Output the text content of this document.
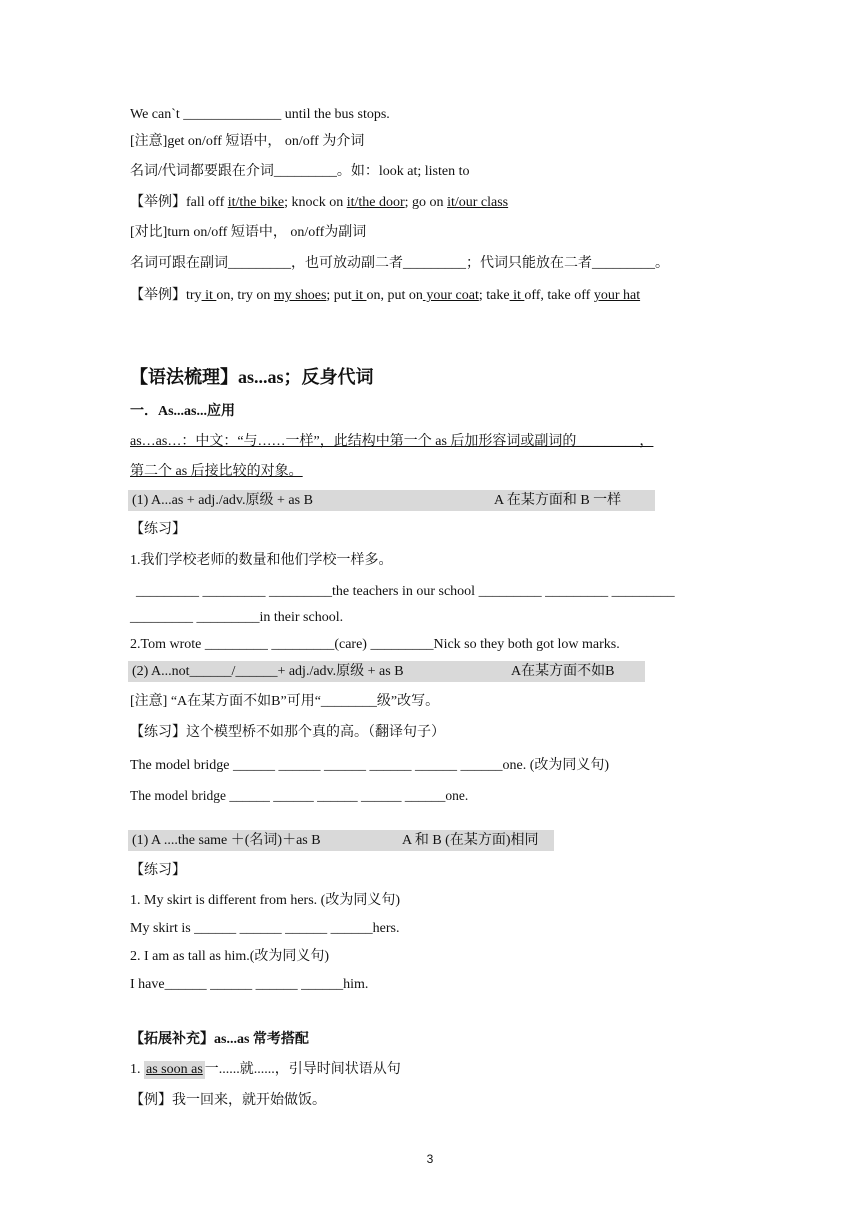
We can`t ______________ until the bus stops.
[注意]get on/off 短语中， on/off 为介词
名词/代词都要跟在介词_________。如：look at; listen to
【举例】fall off it/the bike; knock on it/the door; go on it/our class
[对比]turn on/off 短语中， on/off为副词
名词可跟在副词_________，也可放动副二者_________；代词只能放在二者_________。
【举例】try it on, try on my shoes; put it on, put on your coat; take it off, take off your hat
【语法梳理】as...as；反身代词
一．As...as...应用
as…as…：中文：“与……一样”，此结构中第一个 as 后加形容词或副词的_________，
第二个 as 后接比较的对象。
(1) A...as + adj./adv.原级 + as B	A 在某方面和 B 一样
【练习】
1.我们学校老师的数量和他们学校一样多。
_________ _________ _________the teachers in our school _________ _________ _________
_________ _________in their school.
2.Tom wrote _________ _________(care) _________Nick so they both got low marks.
(2) A...not______/______+ adj./adv.原级 + as B	A在某方面不如B
[注意] “A在某方面不如B”可用“________级”改写。
【练习】这个模型桥不如那个真的高。（翻译句子）
The model bridge ______ ______ ______ ______ ______ ______one. (改为同义句)
The model bridge ______ ______ ______ ______ ______one.
(1) A ....the same ＋(名词)＋as B	A 和 B (在某方面)相同
【练习】
1. My skirt is different from hers. (改为同义句)
My skirt is ______ ______ ______ ______hers.
2. I am as tall as him.(改为同义句)
I have______ ______ ______ ______him.
【拓展补充】as...as 常考搭配
1. as soon as一......就......，引导时间状语从句
【例】我一回来，就开始做饭。
3
